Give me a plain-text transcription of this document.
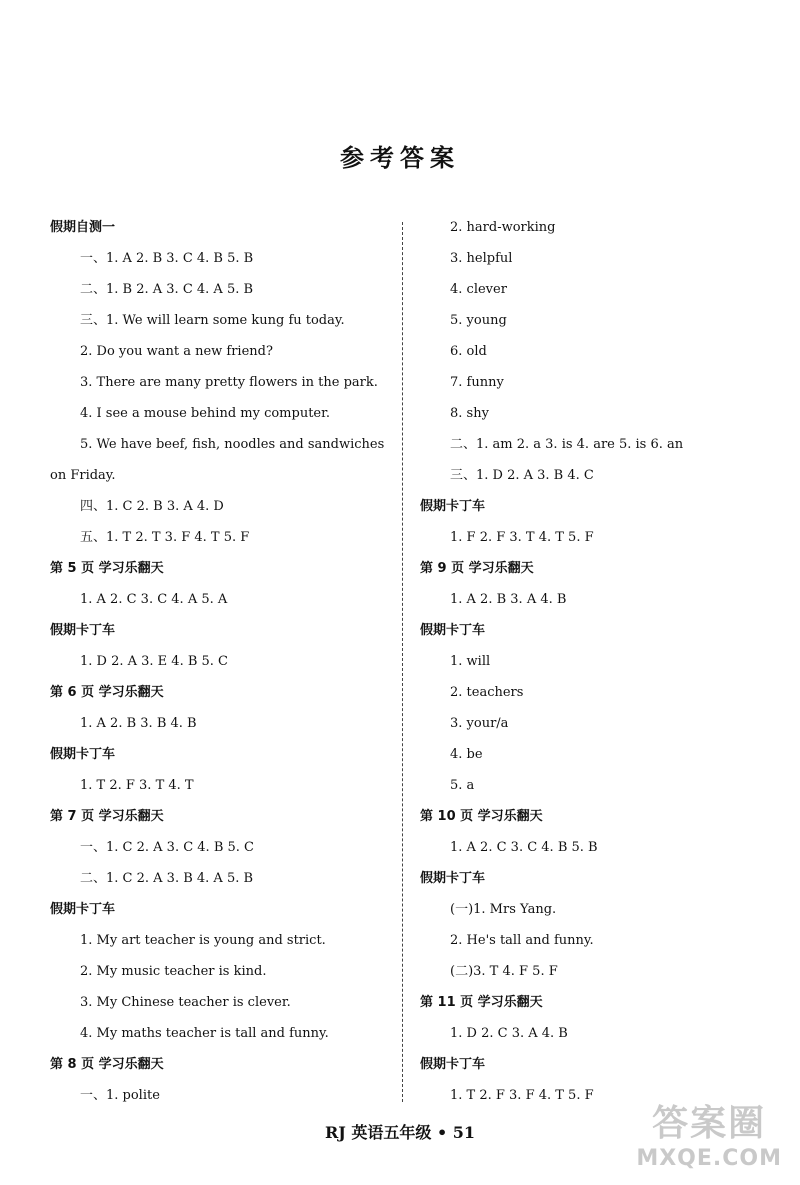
参考答案
假期自测一
一、1. A 2. B 3. C 4. B 5. B
二、1. B 2. A 3. C 4. A 5. B
三、1. We will learn some kung fu today.
2. Do you want a new friend?
3. There are many pretty flowers in the park.
4. I see a mouse behind my computer.
5. We have beef, fish, noodles and sandwiches
on Friday.
四、1. C 2. B 3. A 4. D
五、1. T 2. T 3. F 4. T 5. F
第 5 页 学习乐翻天
1. A 2. C 3. C 4. A 5. A
假期卡丁车
1. D 2. A 3. E 4. B 5. C
第 6 页 学习乐翻天
1. A 2. B 3. B 4. B
假期卡丁车
1. T 2. F 3. T 4. T
第 7 页 学习乐翻天
一、1. C 2. A 3. C 4. B 5. C
二、1. C 2. A 3. B 4. A 5. B
假期卡丁车
1. My art teacher is young and strict.
2. My music teacher is kind.
3. My Chinese teacher is clever.
4. My maths teacher is tall and funny.
第 8 页 学习乐翻天
一、1. polite
2. hard-working
3. helpful
4. clever
5. young
6. old
7. funny
8. shy
二、1. am 2. a 3. is 4. are 5. is 6. an
三、1. D 2. A 3. B 4. C
假期卡丁车
1. F 2. F 3. T 4. T 5. F
第 9 页 学习乐翻天
1. A 2. B 3. A 4. B
假期卡丁车
1. will
2. teachers
3. your/a
4. be
5. a
第 10 页 学习乐翻天
1. A 2. C 3. C 4. B 5. B
假期卡丁车
(一)1. Mrs Yang.
2. He's tall and funny.
(二)3. T 4. F 5. F
第 11 页 学习乐翻天
1. D 2. C 3. A 4. B
假期卡丁车
1. T 2. F 3. F 4. T 5. F
RJ 英语五年级 • 51	答案圈
MXQE.COM
